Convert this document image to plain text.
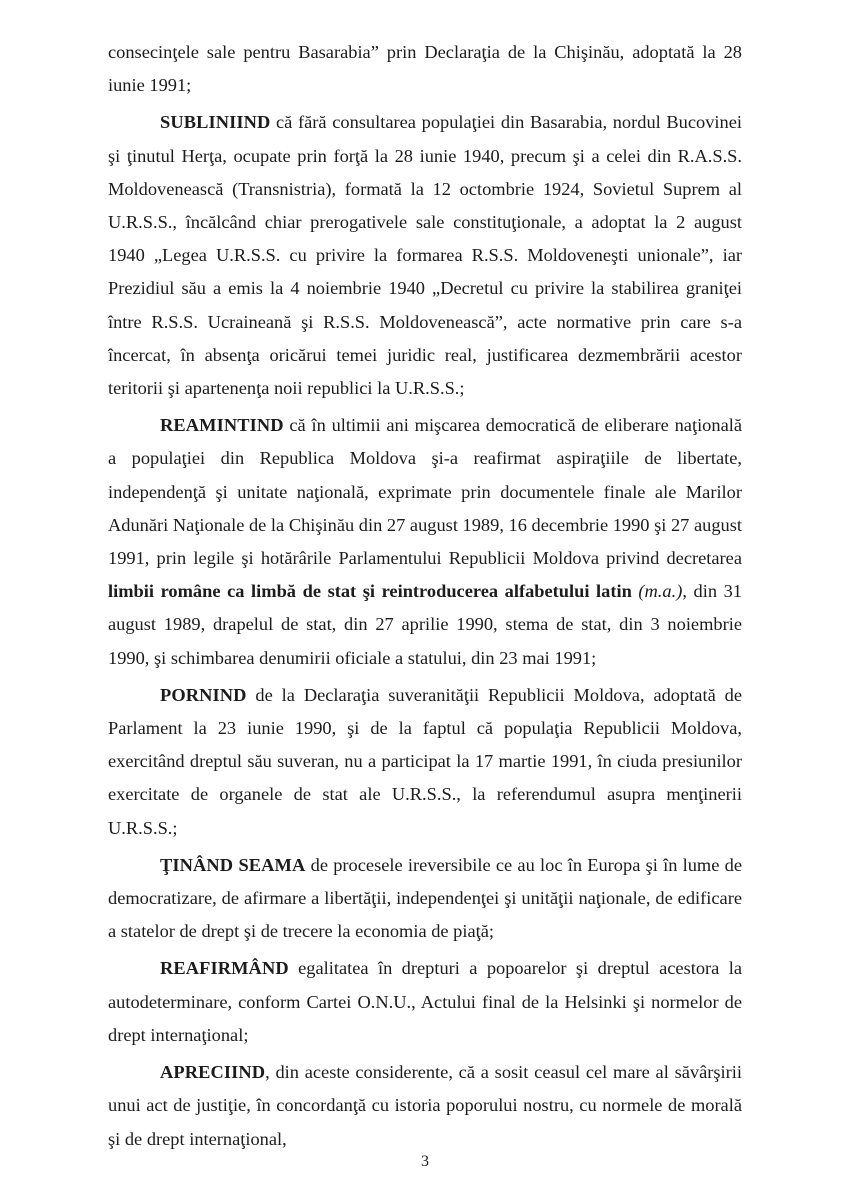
consecinţele sale pentru Basarabia” prin Declaraţia de la Chişinău, adoptată la 28 iunie 1991;

SUBLINIIND că fără consultarea populaţiei din Basarabia, nordul Bucovinei şi ţinutul Herţa, ocupate prin forţă la 28 iunie 1940, precum şi a celei din R.A.S.S. Moldovenească (Transnistria), formată la 12 octombrie 1924, Sovietul Suprem al U.R.S.S., încălcând chiar prerogativele sale constituţionale, a adoptat la 2 august 1940 „Legea U.R.S.S. cu privire la formarea R.S.S. Moldoveneşti unionale”, iar Prezidiul său a emis la 4 noiembrie 1940 „Decretul cu privire la stabilirea graniţei între R.S.S. Ucraineană şi R.S.S. Moldovenească”, acte normative prin care s-a încercat, în absenţa oricărui temei juridic real, justificarea dezmembrării acestor teritorii şi apartenenţa noii republici la U.R.S.S.;

REAMINTIND că în ultimii ani mişcarea democratică de eliberare naţională a populaţiei din Republica Moldova şi-a reafirmat aspiraţiile de libertate, independenţă şi unitate naţională, exprimate prin documentele finale ale Marilor Adunări Naţionale de la Chişinău din 27 august 1989, 16 decembrie 1990 şi 27 august 1991, prin legile şi hotărârile Parlamentului Republicii Moldova privind decretarea limbii române ca limbă de stat şi reintroducerea alfabetului latin (m.a.), din 31 august 1989, drapelul de stat, din 27 aprilie 1990, stema de stat, din 3 noiembrie 1990, şi schimbarea denumirii oficiale a statului, din 23 mai 1991;

PORNIND de la Declaraţia suveranităţii Republicii Moldova, adoptată de Parlament la 23 iunie 1990, şi de la faptul că populaţia Republicii Moldova, exercitând dreptul său suveran, nu a participat la 17 martie 1991, în ciuda presiunilor exercitate de organele de stat ale U.R.S.S., la referendumul asupra menţinerii U.R.S.S.;

ŢINÂND SEAMA de procesele ireversibile ce au loc în Europa şi în lume de democratizare, de afirmare a libertăţii, independenţei şi unităţii naţionale, de edificare a statelor de drept şi de trecere la economia de piaţă;

REAFIRMÂND egalitatea în drepturi a popoarelor şi dreptul acestora la autodeterminare, conform Cartei O.N.U., Actului final de la Helsinki şi normelor de drept internaţional;

APRECIIND, din aceste considerente, că a sosit ceasul cel mare al săvârşirii unui act de justiţie, în concordanţă cu istoria poporului nostru, cu normele de morală şi de drept internaţional,

3
